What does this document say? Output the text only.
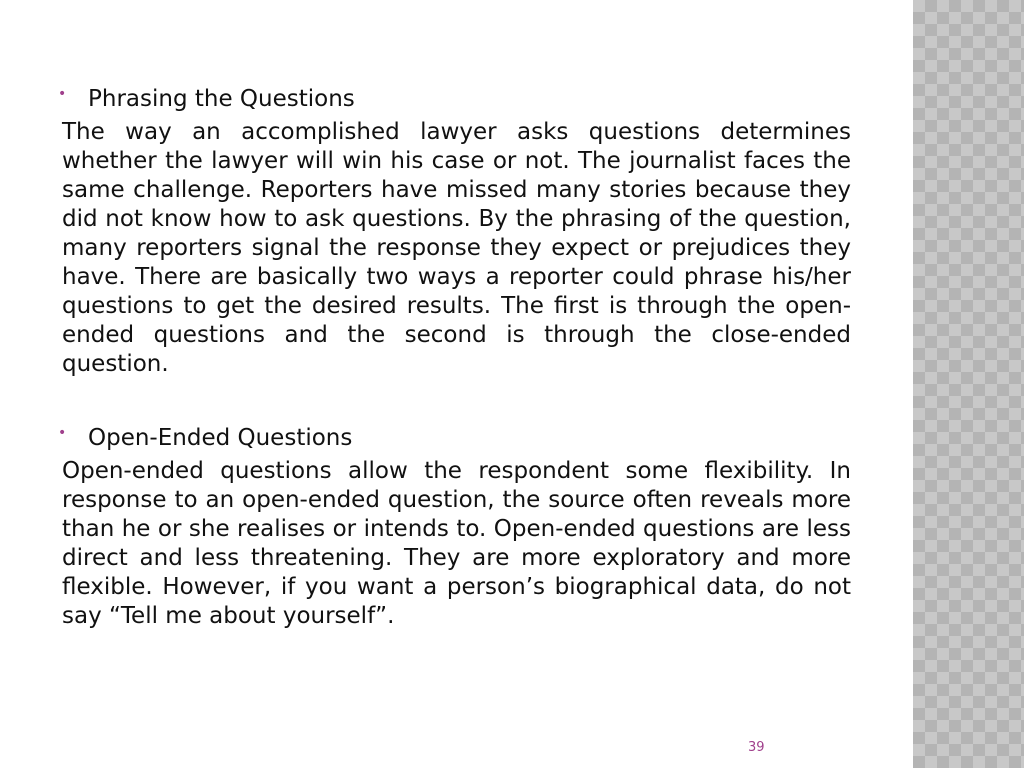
• Phrasing the Questions

The way an accomplished lawyer asks questions determines whether the lawyer will win his case or not. The journalist faces the same challenge. Reporters have missed many stories because they did not know how to ask questions. By the phrasing of the question, many reporters signal the response they expect or prejudices they have. There are basically two ways a reporter could phrase his/her questions to get the desired results. The first is through the open-ended questions and the second is through the close-ended question.

• Open-Ended Questions

Open-ended questions allow the respondent some flexibility. In response to an open-ended question, the source often reveals more than he or she realises or intends to. Open-ended questions are less direct and less threatening. They are more exploratory and more flexible. However, if you want a person’s biographical data, do not say “Tell me about yourself”.

39
